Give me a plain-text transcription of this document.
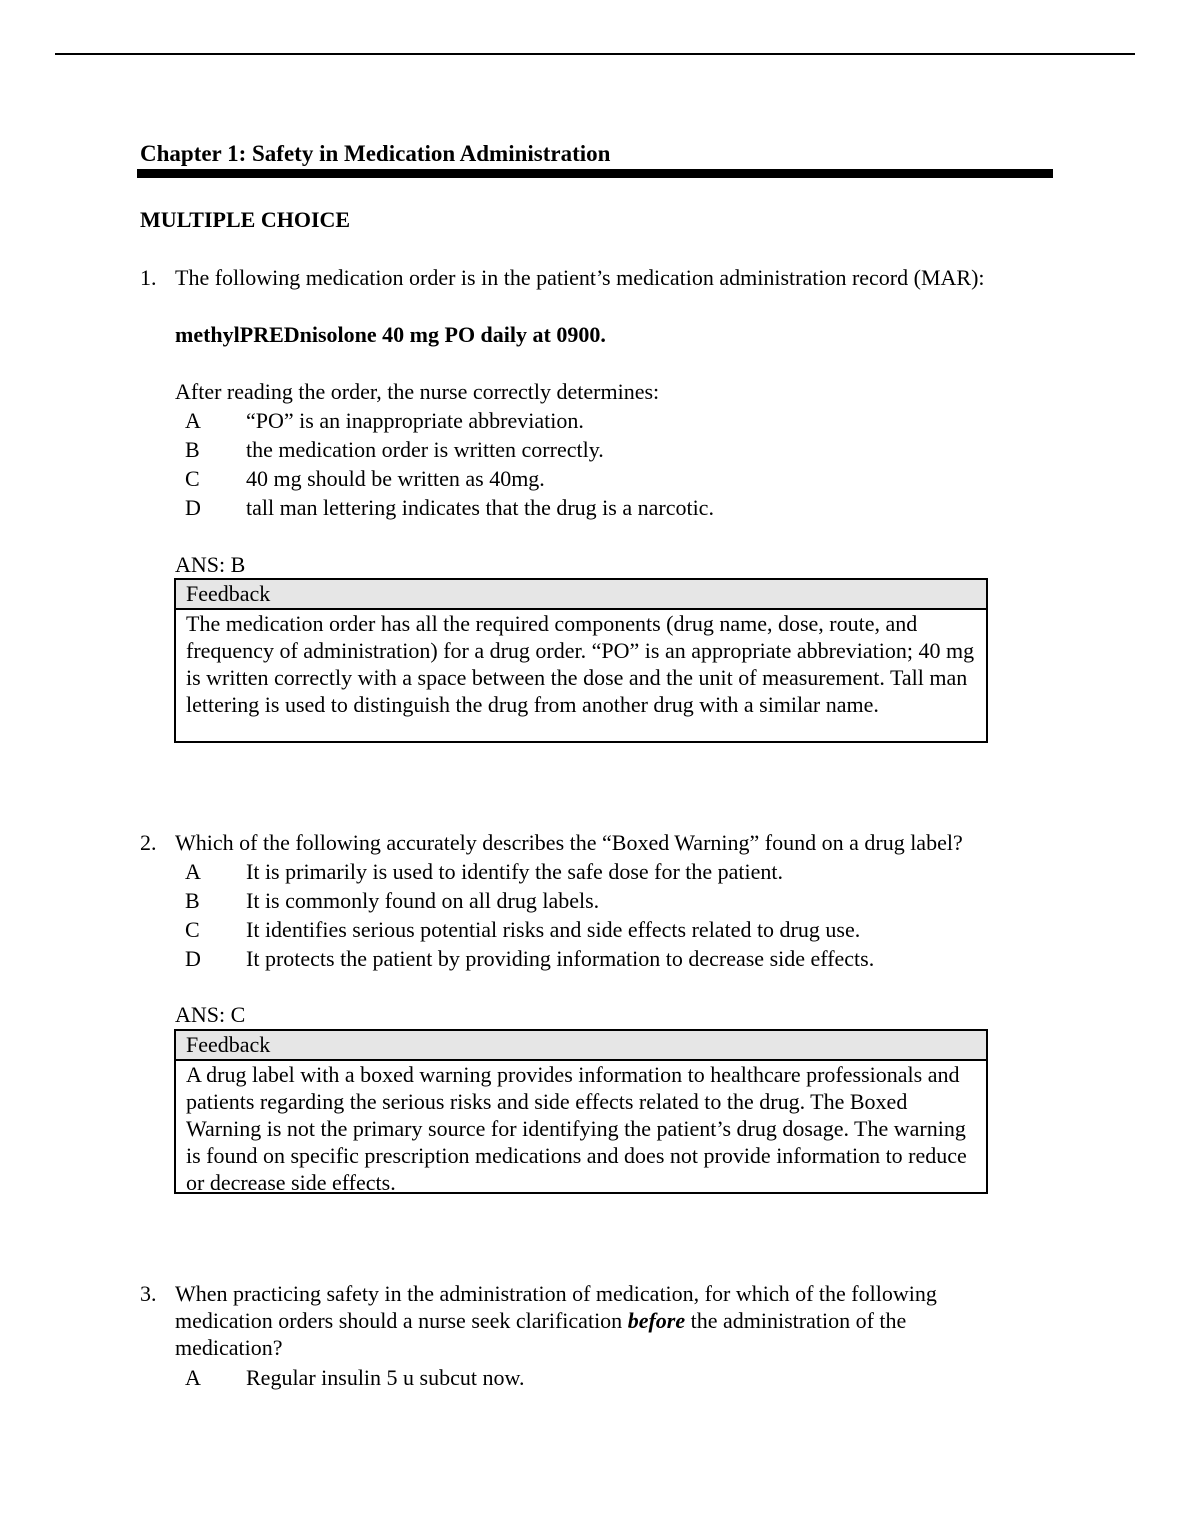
Chapter 1: Safety in Medication Administration
MULTIPLE CHOICE
1. The following medication order is in the patient’s medication administration record (MAR):
methylPREDnisolone 40 mg PO daily at 0900.
After reading the order, the nurse correctly determines:
A “PO” is an inappropriate abbreviation.
B the medication order is written correctly.
C 40 mg should be written as 40mg.
D tall man lettering indicates that the drug is a narcotic.
ANS: B
Feedback
The medication order has all the required components (drug name, dose, route, and frequency of administration) for a drug order. “PO” is an appropriate abbreviation; 40 mg is written correctly with a space between the dose and the unit of measurement. Tall man lettering is used to distinguish the drug from another drug with a similar name.
2. Which of the following accurately describes the “Boxed Warning” found on a drug label?
A It is primarily is used to identify the safe dose for the patient.
B It is commonly found on all drug labels.
C It identifies serious potential risks and side effects related to drug use.
D It protects the patient by providing information to decrease side effects.
ANS: C
Feedback
A drug label with a boxed warning provides information to healthcare professionals and patients regarding the serious risks and side effects related to the drug. The Boxed Warning is not the primary source for identifying the patient’s drug dosage. The warning is found on specific prescription medications and does not provide information to reduce or decrease side effects.
3. When practicing safety in the administration of medication, for which of the following medication orders should a nurse seek clarification before the administration of the medication?
A Regular insulin 5 u subcut now.
